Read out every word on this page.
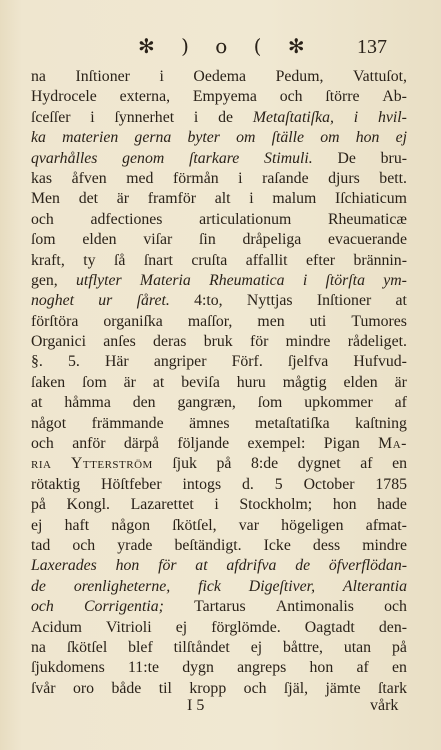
✻ ) o ( ✻ 137
na Inſtioner i Oedema Pedum, Vattuſot,
Hydrocele externa, Empyema och ſtörre Ab-
ſceſſer i ſynnerhet i de Metaſtatiſka, i hvil-
ka materien gerna byter om ſtälle om hon ej
qvarhålles genom ſtarkare Stimuli. De bru-
kas åfven med förmån i raſande djurs bett.
Men det är framför alt i malum Iſchiaticum
och adfectiones articulationum Rheumaticæ
ſom elden viſar ſin dråpeliga evacuerande
kraft, ty ſå ſnart cruſta affallit efter brännin-
gen, utflyter Materia Rheumatica i ſtörſta ym-
noghet ur ſåret. 4:to, Nyttjas Inſtioner at
förſtöra organiſka maſſor, men uti Tumores
Organici anſes deras bruk för mindre rådeliget.
§. 5. Här angriper Förf. ſjelfva Hufvud-
ſaken ſom är at beviſa huru mågtig elden är
at håmma den gangræn, ſom upkommer af
något främmande ämnes metaſtatiſka kaſtning
och anför därpå följande exempel: Pigan Ma-
ria Ytterström ſjuk på 8:de dygnet af en
rötaktig Höſtfeber intogs d. 5 October 1785
på Kongl. Lazarettet i Stockholm; hon hade
ej haft någon ſkötſel, var högeligen afmat-
tad och yrade beſtändigt. Icke dess mindre
Laxerades hon för at afdrifva de öfverflödan-
de orenligheterne, fick Digeſtiver, Alterantia
och Corrigentia; Tartarus Antimonalis och
Acidum Vitrioli ej förglömde. Oagtadt den-
na ſkötſel blef tilſtåndet ej båttre, utan på
ſjukdomens 11:te dygn angreps hon af en
ſvår oro både til kropp och ſjäl, jämte ſtark
I 5	vårk
